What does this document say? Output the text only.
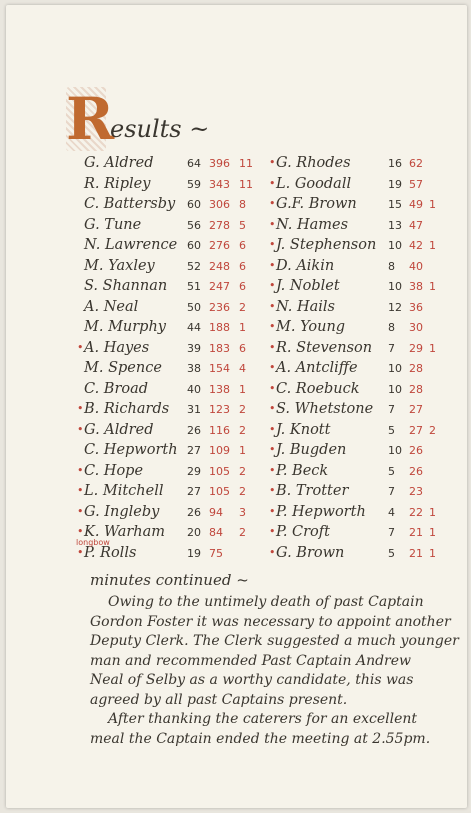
R
esults ~
G. Aldred	64 396 11
R. Ripley	59 343 11
C. Battersby 60 306 8
G. Tune	56 278 5
N. Lawrence 60 276 6
M. Yaxley	52 248 6
S. Shannan 51 247 6
A. Neal	50 236 2
M. Murphy 44 188 1
• A. Hayes	39 183 6
M. Spence 38 154 4
C. Broad	40 138 1
• B. Richards 31 123 2
• G. Aldred	26 116 2
C. Hepworth 27 109 1
• C. Hope	29 105 2
• L. Mitchell 27 105 2
• G. Ingleby	26 94 3
• K. Warham 20 84 2
• P. Rolls	19 75
• G. Rhodes	16 62
• L. Goodall	19 57
• G.F. Brown	15 49 1
• N. Hames	13 47
• J. Stephenson 10 42 1
• D. Aikin	8 40
• J. Noblet	10 38 1
• N. Hails	12 36
• M. Young	8 30
• R. Stevenson 7 29 1
• A. Antcliffe	10 28
• C. Roebuck	10 28
• S. Whetstone 7 27
• J. Knott	5 27 2
• J. Bugden	10 26
• P. Beck	5 26
• B. Trotter	7 23
• P. Hepworth 4 22 1
• P. Croft	7 21 1
• G. Brown	5 21 1
longbow
minutes continued ~
Owing to the untimely death of past Captain
Gordon Foster it was necessary to appoint another
Deputy Clerk. The Clerk suggested a much younger
man and recommended Past Captain Andrew
Neal of Selby as a worthy candidate, this was
agreed by all past Captains present.
After thanking the caterers for an excellent
meal the Captain ended the meeting at 2.55pm.
